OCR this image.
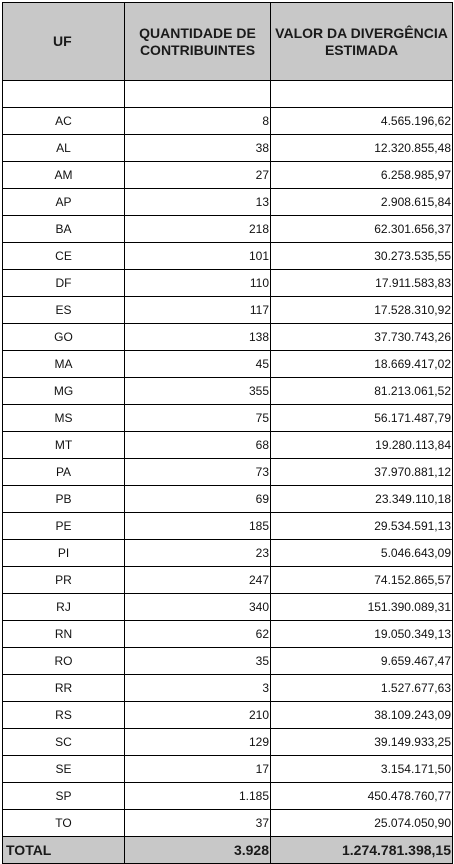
UF	QUANTIDADE DE CONTRIBUINTES	VALOR DA DIVERGÊNCIA ESTIMADA

AC	8	4.565.196,62
AL	38	12.320.855,48
AM	27	6.258.985,97
AP	13	2.908.615,84
BA	218	62.301.656,37
CE	101	30.273.535,55
DF	110	17.911.583,83
ES	117	17.528.310,92
GO	138	37.730.743,26
MA	45	18.669.417,02
MG	355	81.213.061,52
MS	75	56.171.487,79
MT	68	19.280.113,84
PA	73	37.970.881,12
PB	69	23.349.110,18
PE	185	29.534.591,13
PI	23	5.046.643,09
PR	247	74.152.865,57
RJ	340	151.390.089,31
RN	62	19.050.349,13
RO	35	9.659.467,47
RR	3	1.527.677,63
RS	210	38.109.243,09
SC	129	39.149.933,25
SE	17	3.154.171,50
SP	1.185	450.478.760,77
TO	37	25.074.050,90
TOTAL	3.928	1.274.781.398,15
